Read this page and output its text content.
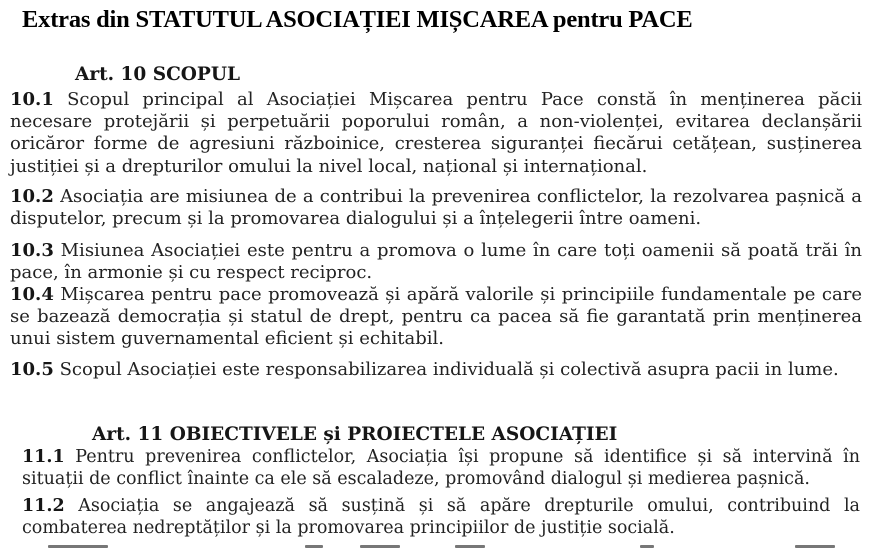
Extras din STATUTUL ASOCIAȚIEI MIȘCAREA pentru PACE
Art. 10 SCOPUL
10.1 Scopul principal al Asociației Mișcarea pentru Pace constă în menținerea păcii necesare protejării și perpetuării poporului român, a non-violenței, evitarea declanșării oricăror forme de agresiuni războinice, cresterea siguranței fiecărui cetățean, susținerea justiției și a drepturilor omului la nivel local, național și internațional.
10.2 Asociația are misiunea de a contribui la prevenirea conflictelor, la rezolvarea pașnică a disputelor, precum și la promovarea dialogului și a înțelegerii între oameni.
10.3 Misiunea Asociației este pentru a promova o lume în care toți oamenii să poată trăi în pace, în armonie și cu respect reciproc.
10.4 Mișcarea pentru pace promovează și apără valorile și principiile fundamentale pe care se bazează democrația și statul de drept, pentru ca pacea să fie garantată prin menținerea unui sistem guvernamental eficient și echitabil.
10.5 Scopul Asociației este responsabilizarea individuală și colectivă asupra pacii in lume.
Art. 11 OBIECTIVELE și PROIECTELE ASOCIAȚIEI
11.1 Pentru prevenirea conflictelor, Asociația își propune să identifice și să intervină în situații de conflict înainte ca ele să escaladeze, promovând dialogul și medierea pașnică.
11.2 Asociația se angajează să susțină și să apăre drepturile omului, contribuind la combaterea nedreptăților și la promovarea principiilor de justiție socială.
